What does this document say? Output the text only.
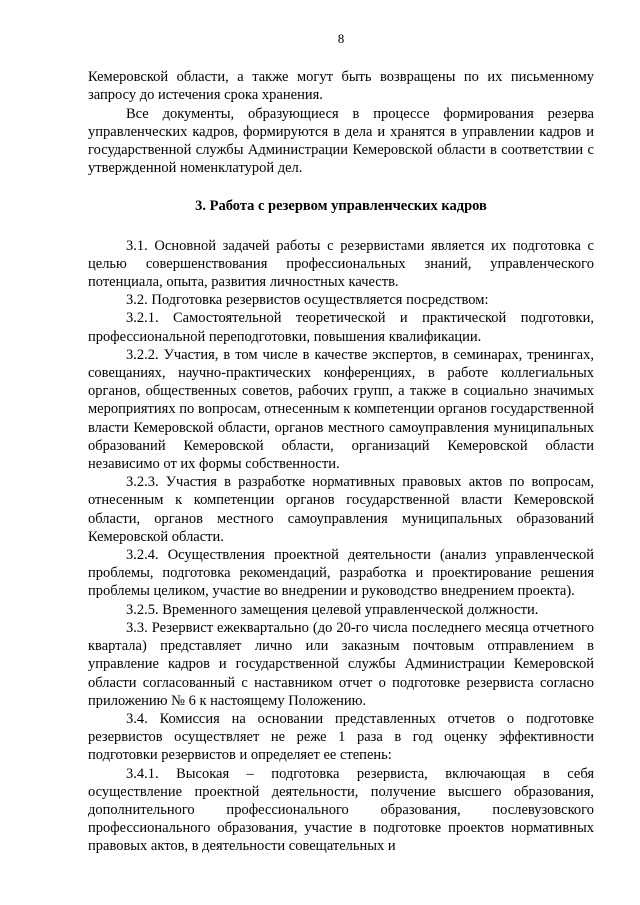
8

Кемеровской области, а также могут быть возвращены по их письменному запросу до истечения срока хранения.

Все документы, образующиеся в процессе формирования резерва управленческих кадров, формируются в дела и хранятся в управлении кадров и государственной службы Администрации Кемеровской области в соответствии с утвержденной номенклатурой дел.

3. Работа с резервом управленческих кадров

3.1. Основной задачей работы с резервистами является их подготовка с целью совершенствования профессиональных знаний, управленческого потенциала, опыта, развития личностных качеств.

3.2. Подготовка резервистов осуществляется посредством:

3.2.1. Самостоятельной теоретической и практической подготовки, профессиональной переподготовки, повышения квалификации.

3.2.2. Участия, в том числе в качестве экспертов, в семинарах, тренингах, совещаниях, научно-практических конференциях, в работе коллегиальных органов, общественных советов, рабочих групп, а также в социально значимых мероприятиях по вопросам, отнесенным к компетенции органов государственной власти Кемеровской области, органов местного самоуправления муниципальных образований Кемеровской области, организаций Кемеровской области независимо от их формы собственности.

3.2.3. Участия в разработке нормативных правовых актов по вопросам, отнесенным к компетенции органов государственной власти Кемеровской области, органов местного самоуправления муниципальных образований Кемеровской области.

3.2.4. Осуществления проектной деятельности (анализ управленческой проблемы, подготовка рекомендаций, разработка и проектирование решения проблемы целиком, участие во внедрении и руководство внедрением проекта).

3.2.5. Временного замещения целевой управленческой должности.

3.3. Резервист ежеквартально (до 20-го числа последнего месяца отчетного квартала) представляет лично или заказным почтовым отправлением в управление кадров и государственной службы Администрации Кемеровской области согласованный с наставником отчет о подготовке резервиста согласно приложению № 6 к настоящему Положению.

3.4. Комиссия на основании представленных отчетов о подготовке резервистов осуществляет не реже 1 раза в год оценку эффективности подготовки резервистов и определяет ее степень:

3.4.1. Высокая – подготовка резервиста, включающая в себя осуществление проектной деятельности, получение высшего образования, дополнительного профессионального образования, послевузовского профессионального образования, участие в подготовке проектов нормативных правовых актов, в деятельности совещательных и
